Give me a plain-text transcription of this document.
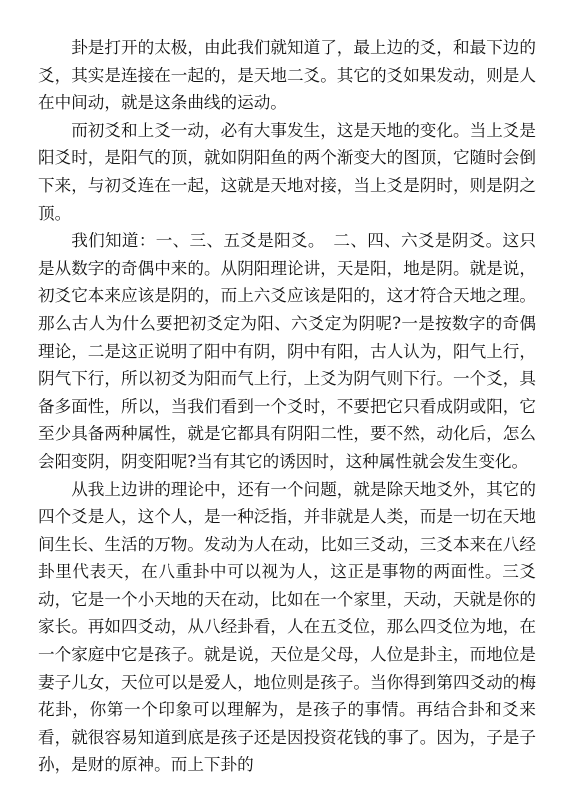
卦是打开的太极，由此我们就知道了，最上边的爻，和最下边的爻，其实是连接在一起的，是天地二爻。其它的爻如果发动，则是人在中间动，就是这条曲线的运动。

而初爻和上爻一动，必有大事发生，这是天地的变化。当上爻是阳爻时，是阳气的顶，就如阴阳鱼的两个渐变大的图顶，它随时会倒下来，与初爻连在一起，这就是天地对接，当上爻是阴时，则是阴之顶。

我们知道：一、三、五爻是阳爻。　二、四、六爻是阴爻。这只是从数字的奇偶中来的。从阴阳理论讲，天是阳，地是阴。就是说，初爻它本来应该是阴的，而上六爻应该是阳的，这才符合天地之理。那么古人为什么要把初爻定为阳、六爻定为阴呢?一是按数字的奇偶理论，二是这正说明了阳中有阴，阴中有阳，古人认为，阳气上行，阴气下行，所以初爻为阳而气上行，上爻为阴气则下行。一个爻，具备多面性，所以，当我们看到一个爻时，不要把它只看成阴或阳，它至少具备两种属性，就是它都具有阴阳二性，要不然，动化后，怎么会阳变阴，阴变阳呢?当有其它的诱因时，这种属性就会发生变化。

从我上边讲的理论中，还有一个问题，就是除天地爻外，其它的四个爻是人，这个人，是一种泛指，并非就是人类，而是一切在天地间生长、生活的万物。发动为人在动，比如三爻动，三爻本来在八经卦里代表天，在八重卦中可以视为人，这正是事物的两面性。三爻动，它是一个小天地的天在动，比如在一个家里，天动，天就是你的家长。再如四爻动，从八经卦看，人在五爻位，那么四爻位为地，在一个家庭中它是孩子。就是说，天位是父母，人位是卦主，而地位是妻子儿女，天位可以是爱人，地位则是孩子。当你得到第四爻动的梅花卦，你第一个印象可以理解为，是孩子的事情。再结合卦和爻来看，就很容易知道到底是孩子还是因投资花钱的事了。因为，子是子孙，是财的原神。而上下卦的
